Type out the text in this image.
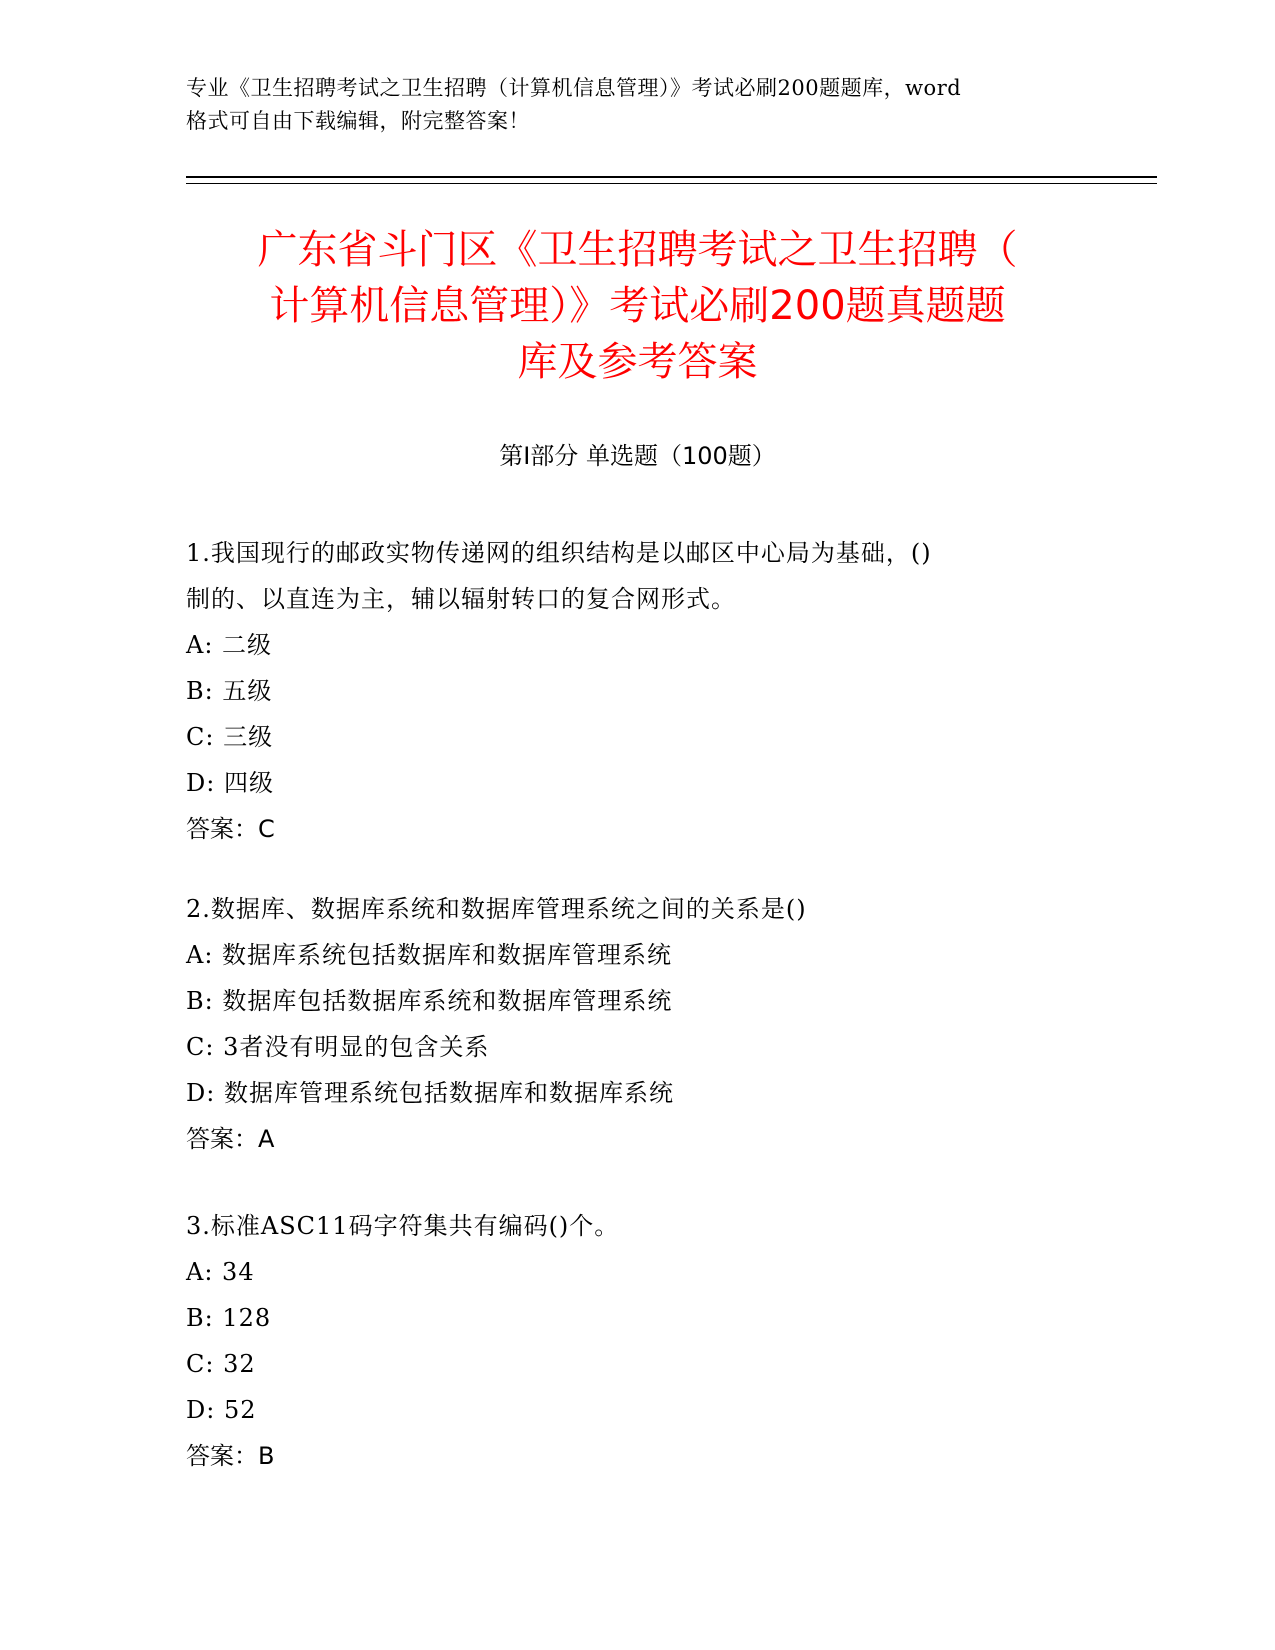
专业《卫生招聘考试之卫生招聘（计算机信息管理）》考试必刷200题题库，word
格式可自由下载编辑，附完整答案！
广东省斗门区《卫生招聘考试之卫生招聘（
计算机信息管理）》考试必刷200题真题题
库及参考答案
第Ⅰ部分 单选题（100题）
1.我国现行的邮政实物传递网的组织结构是以邮区中心局为基础，()
制的、以直连为主，辅以辐射转口的复合网形式。
A: 二级
B: 五级
C: 三级
D: 四级
答案：C
2.数据库、数据库系统和数据库管理系统之间的关系是()
A: 数据库系统包括数据库和数据库管理系统
B: 数据库包括数据库系统和数据库管理系统
C: 3者没有明显的包含关系
D: 数据库管理系统包括数据库和数据库系统
答案：A
3.标准ASC11码字符集共有编码()个。
A: 34
B: 128
C: 32
D: 52
答案：B
